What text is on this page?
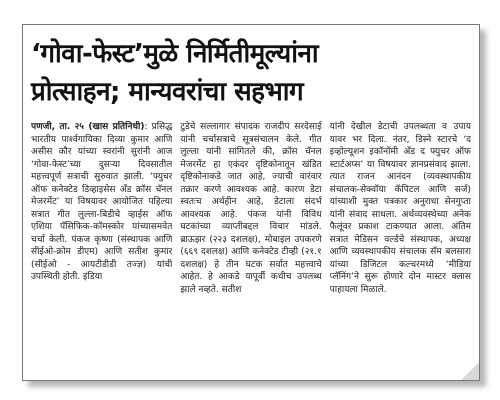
‘गोवा-फेस्ट’मुळे निर्मितीमूल्यांना
प्रोत्साहन; मान्यवरांचा सहभाग

पणजी, ता. २५ (खास प्रतिनिधी): प्रसिद्ध भारतीय पार्श्वगायिका दिव्या कुमार आणि असीस कौर यांच्या स्वरांनी सुरांनी आज ‘गोवा-फेस्ट’च्या दुसऱ्या दिवसातील महत्त्वपूर्ण सत्राची सुरुवात झाली. ‘फ्युचर ऑफ कनेक्टेड डिव्हाइसेस अँड क्रॉस चॅनल मेजरमेंट’ या विषयावर आयोजित पहिल्या सत्रात गीत लुल्ला-बिडीचे व्हाईस ऑफ एशिया पॅसिफिक-कॉमस्कोर यांच्यासमवेत चर्चा केली. पंकज कृष्णा (संस्थापक आणि सीईओ-क्रोम डीएम) आणि सतीश कुमार (सीईओ - आयटीडीडी तज्ज्ञ) यांची उपस्थिती होती. इंडिया

टुडेचे सल्लागार संपादक राजदीप सरदेसाई यांनी चर्चासत्राचे सूत्रसंचालन केले. गीत लुल्ला यांनी सांगितले की, क्रॉस चॅनल मेजरमेंट हा एकंदर दृष्टिकोनातून खंडित दृष्टिकोनाकडे जात आहे, ज्याची वारंवार तक्रार करणे आवश्यक आहे. कारण डेटा स्वतःच अर्थहीन आहे, डेटाला संदर्भ आवश्यक आहे. पंकज यांनी विविध घटकांच्या व्याप्तीबद्दल विचार मांडले. ब्राऊझर (२२३ दशलक्ष), मोबाइल उपकरणे (६६९ दशलक्ष) आणि कनेक्टेड टीव्ही (२१.१ दशलक्ष) हे तीन घटक सर्वात महत्त्वाचे आहेत. हे आकडे यापूर्वी कधीच उपलब्ध झाले नव्हते. सतीश

यांनी देखील डेटाची उपलब्धता व उपाय यावर भर दिला. नंतर, डिस्ने स्टारचे ‘द इव्होल्यूशन इकॉनॉमी अँड द फ्युचर ऑफ स्टार्टअप्स’ या विषयावर ज्ञानप्रसंवाद झाला. त्यात राजन आनंदन (व्यवस्थापकीय संचालक-सेक्वॉया कॅपिटल आणि सर्ज) यांच्याशी मुक्त पत्रकार अनुराधा सेनगुप्ता यांनी संवाद साधला. अर्थव्यवस्थेच्या अनेक फैलूंवर प्रकाश टाकण्यात आला. अंतिम सत्रात मेडिसन वर्ल्डचे संस्थापक, अध्यक्ष आणि व्यवस्थापकीय संचालक सॅम बलसारा यांच्या डिजिटल कल्चरमध्ये ‘मीडिया प्लॅनिंग’ने सुरू होणारे दोन मास्टर क्लास पाहायला मिळाले.
